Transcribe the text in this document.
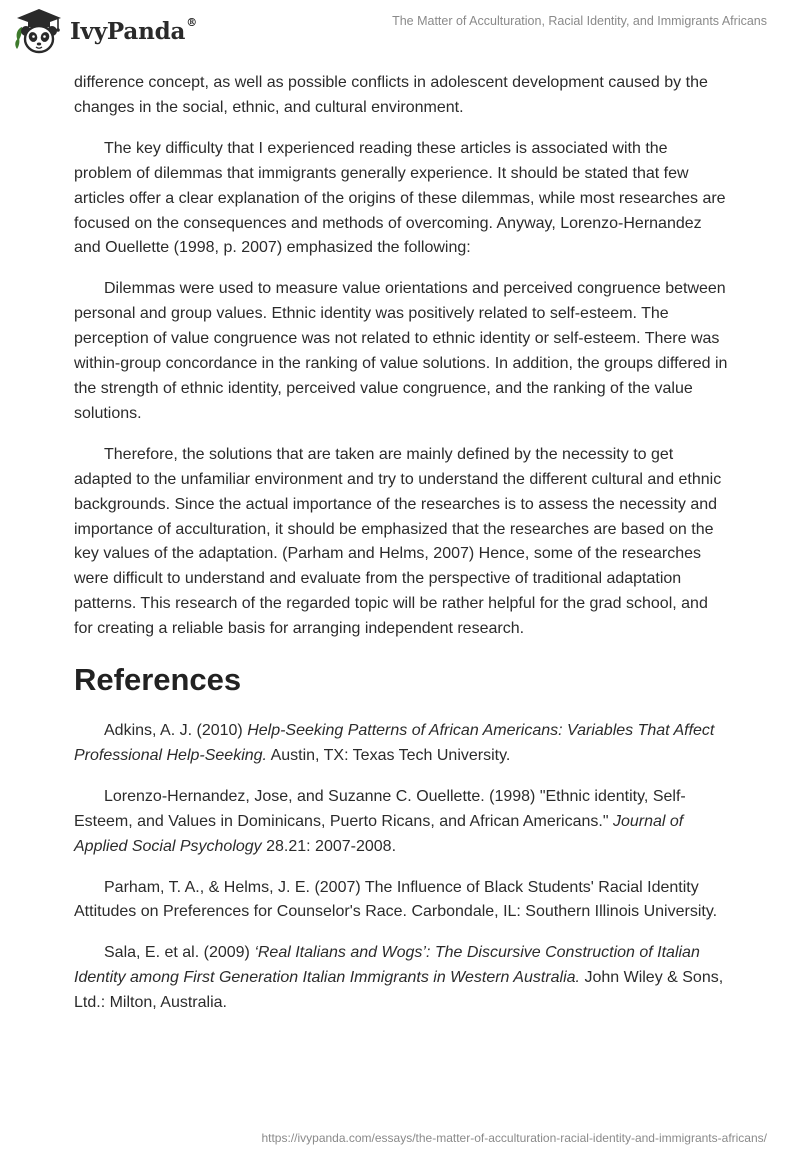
IvyPanda®	The Matter of Acculturation, Racial Identity, and Immigrants Africans

difference concept, as well as possible conflicts in adolescent development caused by the changes in the social, ethnic, and cultural environment.

The key difficulty that I experienced reading these articles is associated with the problem of dilemmas that immigrants generally experience. It should be stated that few articles offer a clear explanation of the origins of these dilemmas, while most researches are focused on the consequences and methods of overcoming. Anyway, Lorenzo-Hernandez and Ouellette (1998, p. 2007) emphasized the following:

Dilemmas were used to measure value orientations and perceived congruence between personal and group values. Ethnic identity was positively related to self-esteem. The perception of value congruence was not related to ethnic identity or self-esteem. There was within-group concordance in the ranking of value solutions. In addition, the groups differed in the strength of ethnic identity, perceived value congruence, and the ranking of the value solutions.

Therefore, the solutions that are taken are mainly defined by the necessity to get adapted to the unfamiliar environment and try to understand the different cultural and ethnic backgrounds. Since the actual importance of the researches is to assess the necessity and importance of acculturation, it should be emphasized that the researches are based on the key values of the adaptation. (Parham and Helms, 2007) Hence, some of the researches were difficult to understand and evaluate from the perspective of traditional adaptation patterns. This research of the regarded topic will be rather helpful for the grad school, and for creating a reliable basis for arranging independent research.

References

Adkins, A. J. (2010) Help-Seeking Patterns of African Americans: Variables That Affect Professional Help-Seeking. Austin, TX: Texas Tech University.

Lorenzo-Hernandez, Jose, and Suzanne C. Ouellette. (1998) "Ethnic identity, Self-Esteem, and Values in Dominicans, Puerto Ricans, and African Americans." Journal of Applied Social Psychology 28.21: 2007-2008.

Parham, T. A., & Helms, J. E. (2007) The Influence of Black Students' Racial Identity Attitudes on Preferences for Counselor's Race. Carbondale, IL: Southern Illinois University.

Sala, E. et al. (2009) ‘Real Italians and Wogs’: The Discursive Construction of Italian Identity among First Generation Italian Immigrants in Western Australia. John Wiley & Sons, Ltd.: Milton, Australia.

https://ivypanda.com/essays/the-matter-of-acculturation-racial-identity-and-immigrants-africans/
